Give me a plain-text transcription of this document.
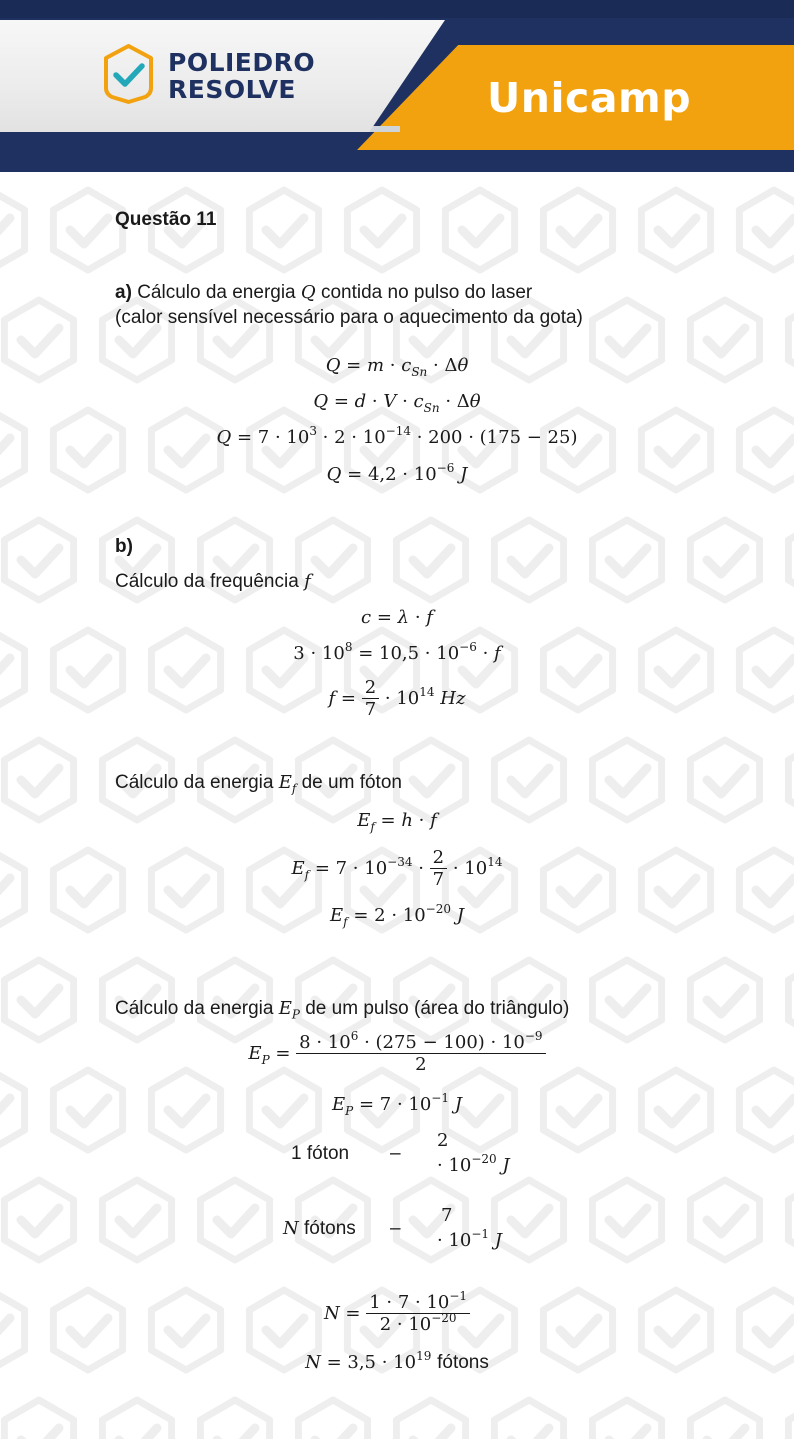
POLIEDRO
RESOLVE	Unicamp
Questão 11
a) Cálculo da energia Q contida no pulso do laser
(calor sensível necessário para o aquecimento da gota)
$Q = m \cdot c_{Sn} \cdot \Delta\theta$
$Q = d \cdot V \cdot c_{Sn} \cdot \Delta\theta$
$Q = 7 \cdot 10^3 \cdot 2 \cdot 10^{-14} \cdot 200 \cdot (175 - 25)$
$Q = 4,2 \cdot 10^{-6}$ J
b)
Cálculo da frequência f
c = λ · f
$3 \cdot 10^8 = 10,5 \cdot 10^{-6} \cdot f$
$f = \frac{2}{7} \cdot 10^{14}$ Hz
Cálculo da energia $E_f$ de um fóton
$E_f = h \cdot f$
$E_f = 7 \cdot 10^{-34} \cdot \frac{2}{7} \cdot 10^{14}$
$E_f = 2 \cdot 10^{-20}$ J
Cálculo da energia $E_P$ de um pulso (área do triângulo)
$E_P = \frac{8 \cdot 10^6 \cdot (275 - 100) \cdot 10^{-9}}{2}$
$E_P = 7 \cdot 10^{-1}$ J
1 fóton –
2
· $10^{-20}$ J
N fótons –
7
· $10^{-1}$ J
$N = \frac{1 \cdot 7 \cdot 10^{-1}}{2 \cdot 10^{-20}}$
$N = 3,5 \cdot 10^{19}$ fótons
